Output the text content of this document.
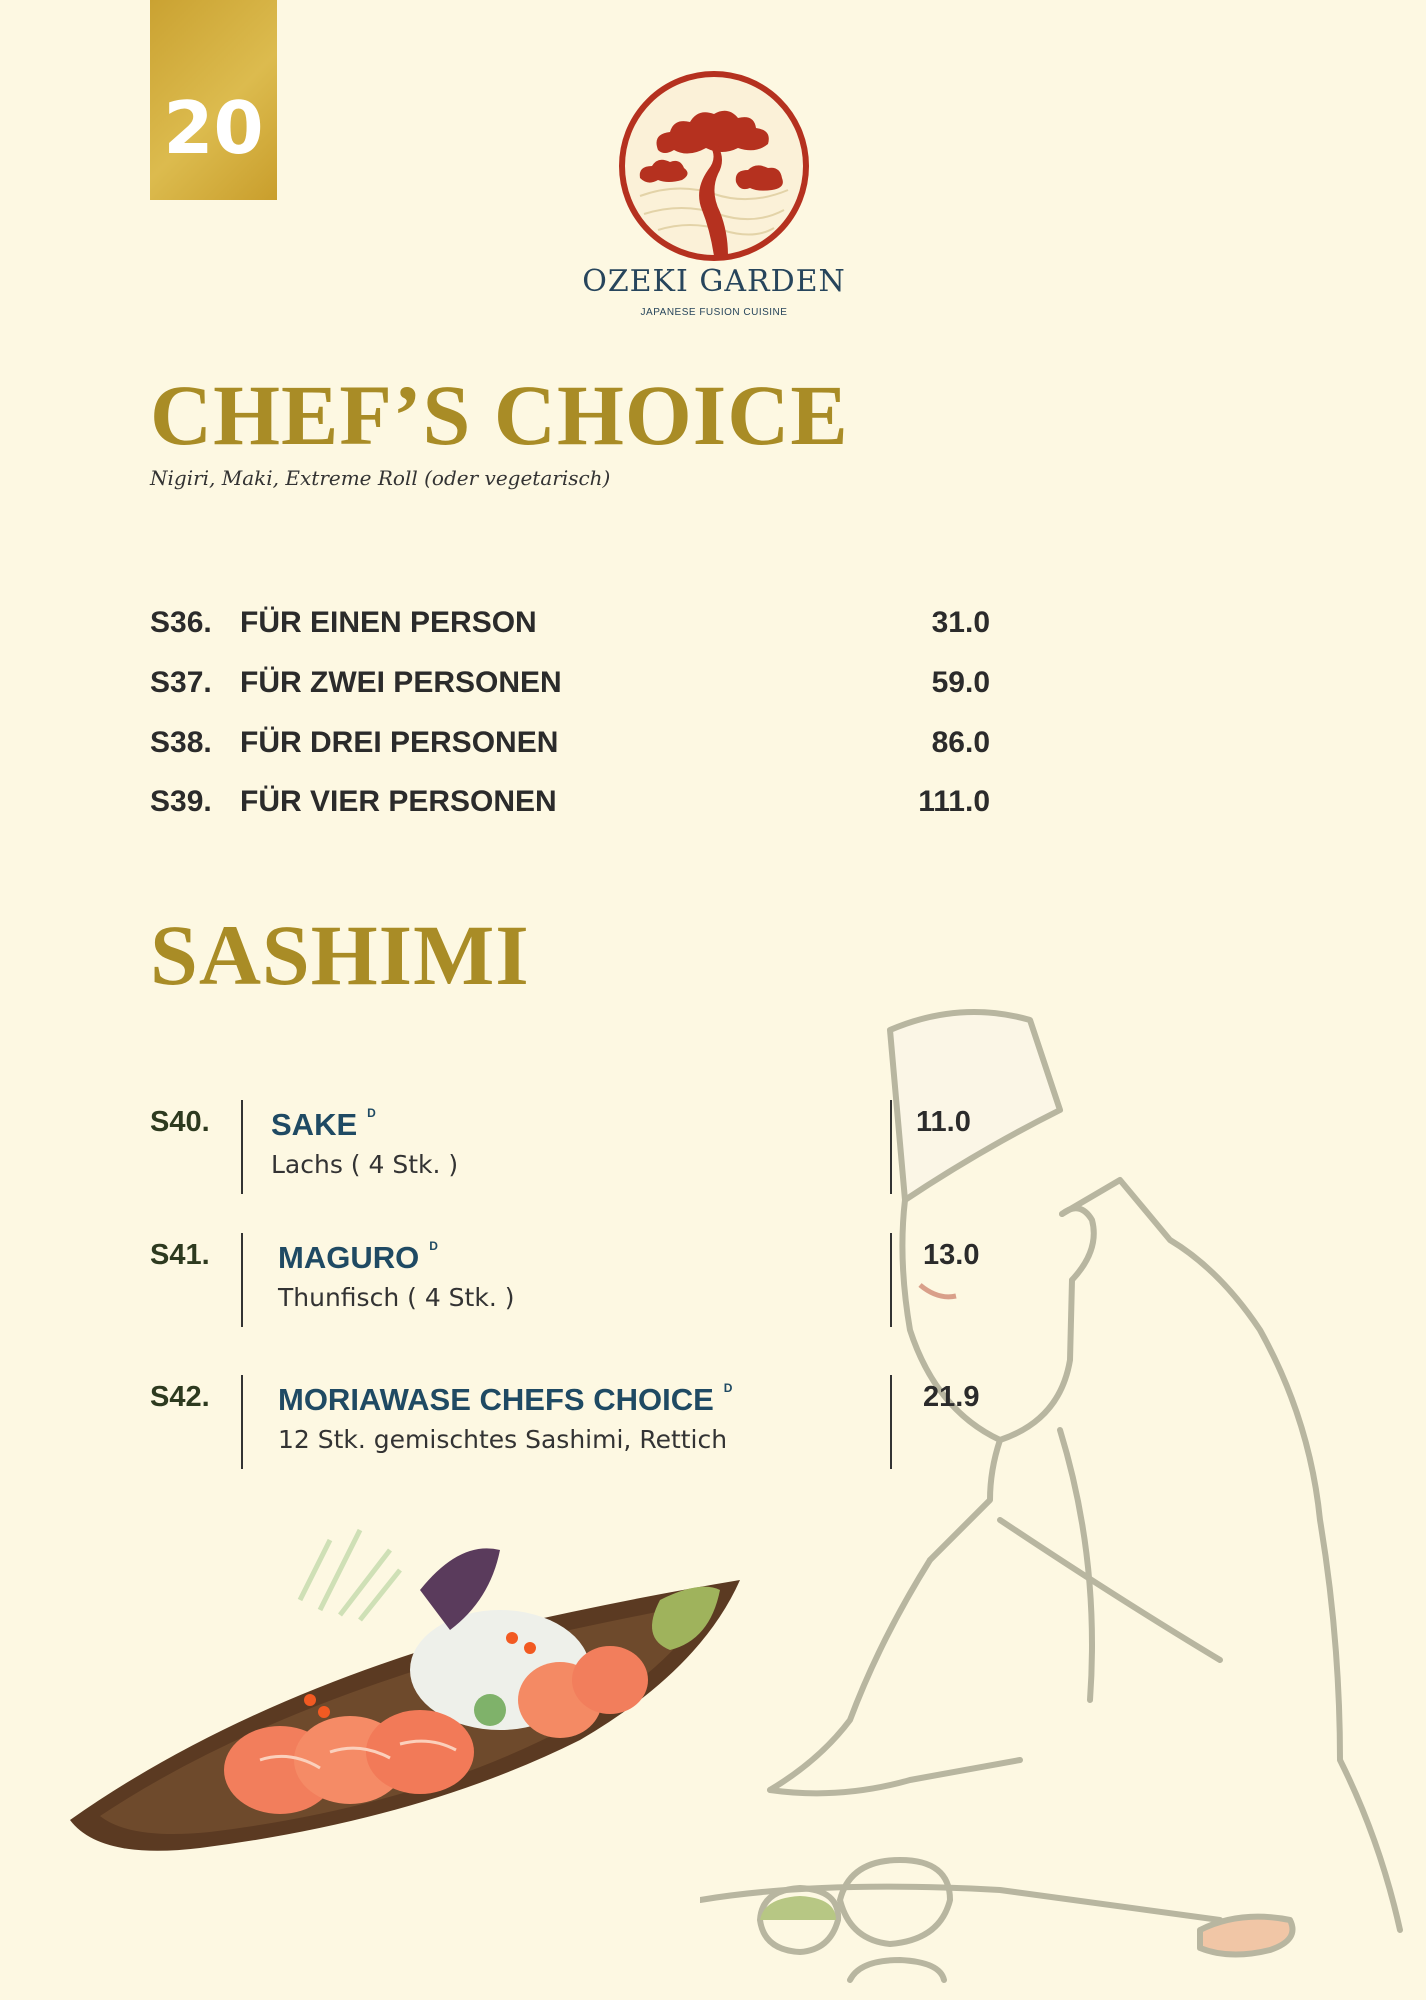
20
OZEKI GARDEN
JAPANESE FUSION CUISINE
CHEF’S CHOICE
Nigiri, Maki, Extreme Roll (oder vegetarisch)
S36. FÜR EINEN PERSON	31.0
S37. FÜR ZWEI PERSONEN	59.0
S38. FÜR DREI PERSONEN	86.0
S39. FÜR VIER PERSONEN	111.0
SASHIMI
S40. SAKE $^D$
Lachs ( 4 Stk. )
11.0
S41. MAGURO $^D$
Thunfisch ( 4 Stk. )
13.0
S42. MORIAWASE CHEFS CHOICE $^D$
12 Stk. gemischtes Sashimi, Rettich
21.9
